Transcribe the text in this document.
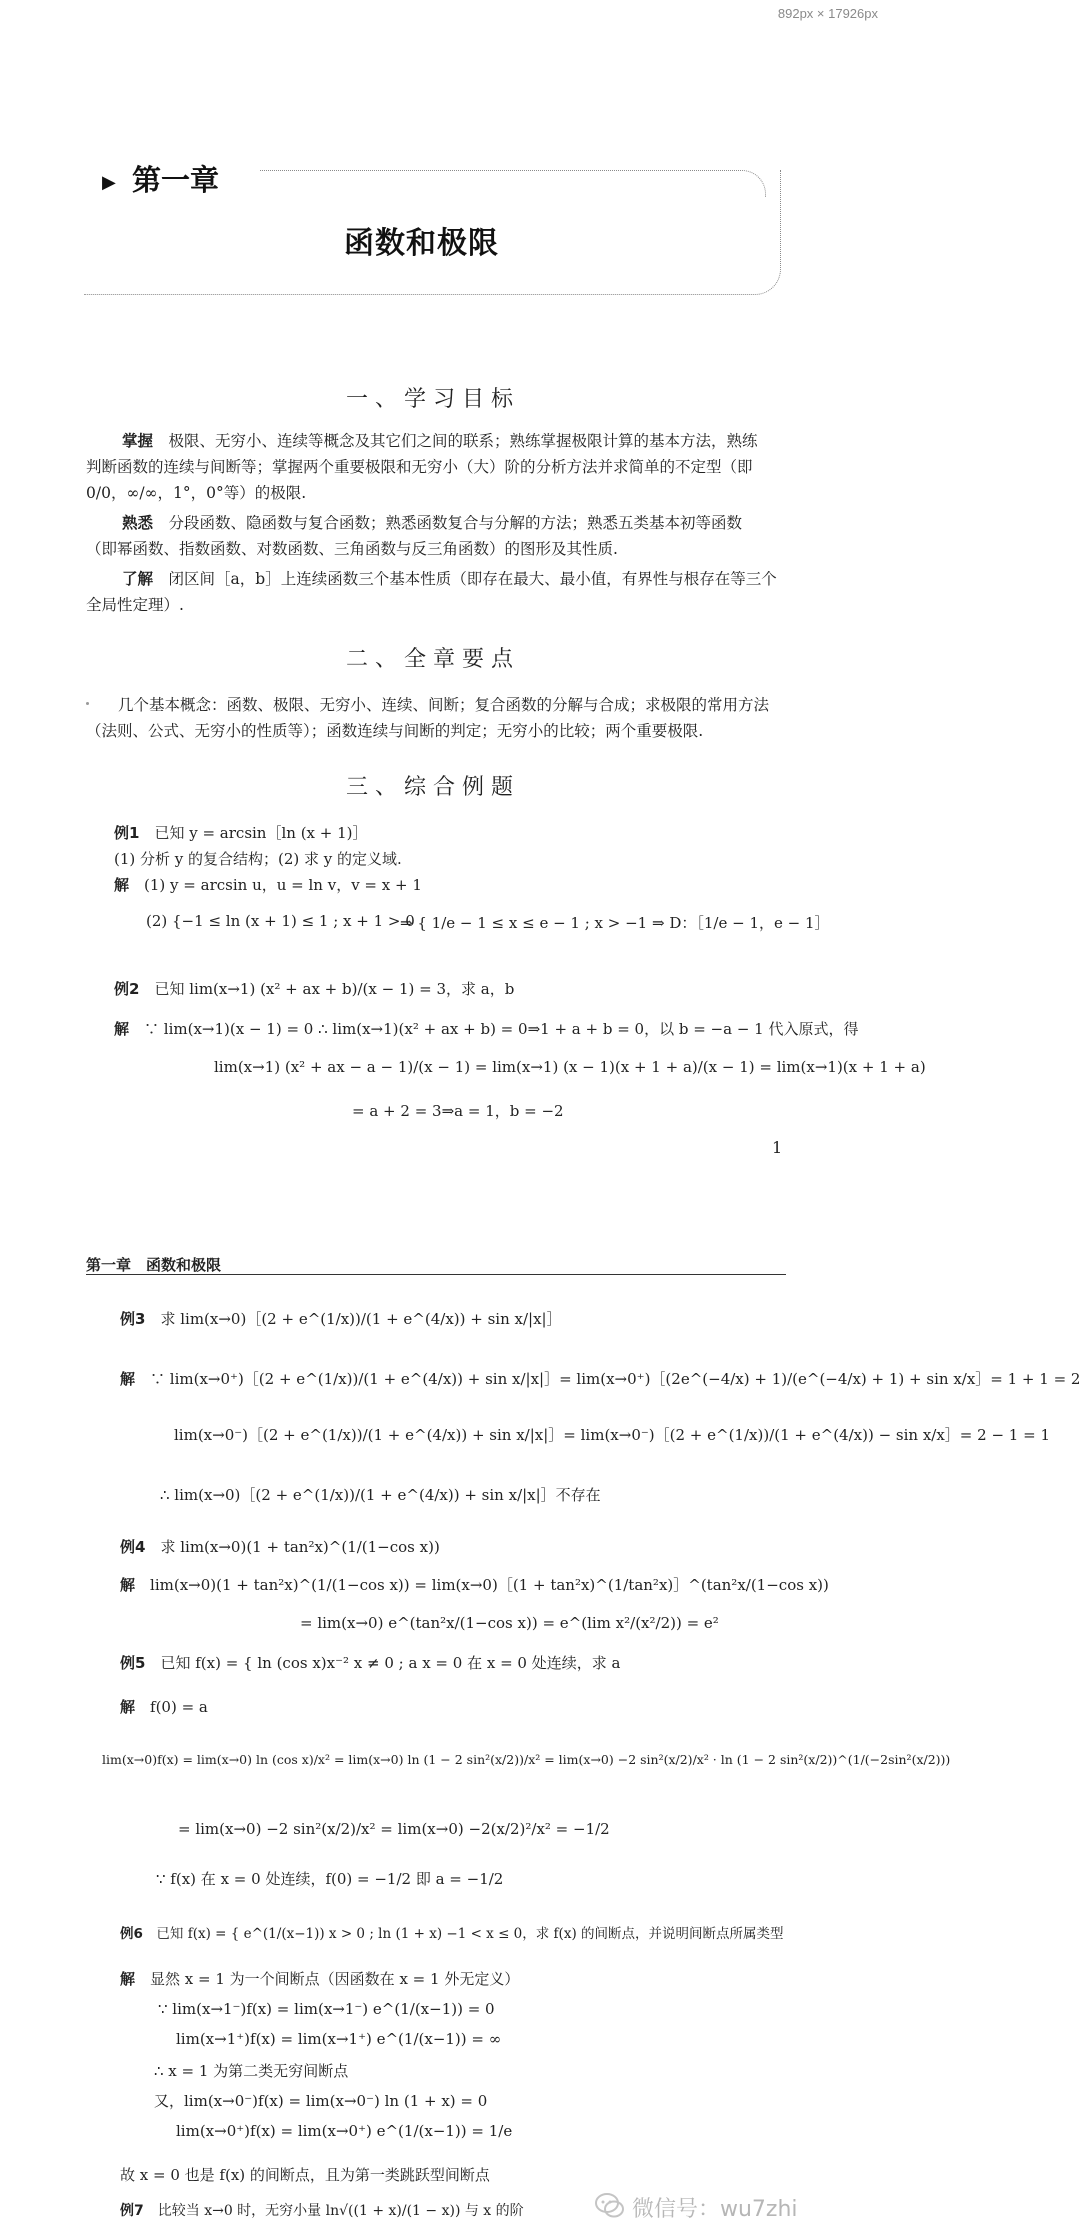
892px × 17926px
▶ 第一章
函数和极限
一、学习目标
掌握　 极限、无穷小、连续等概念及其它们之间的联系；熟练掌握极限计算的基本方法，熟练
判断函数的连续与间断等；掌握两个重要极限和无穷小（大）阶的分析方法并求简单的不定型（即
0/0，∞/∞，1°，0°等）的极限.
熟悉　 分段函数、隐函数与复合函数；熟悉函数复合与分解的方法；熟悉五类基本初等函数
（即幂函数、指数函数、对数函数、三角函数与反三角函数）的图形及其性质.
了解　 闭区间［a，b］上连续函数三个基本性质（即存在最大、最小值，有界性与根存在等三个
全局性定理）.
二、全章要点
几个基本概念：函数、极限、无穷小、连续、间断；复合函数的分解与合成；求极限的常用方法
（法则、公式、无穷小的性质等）；函数连续与间断的判定；无穷小的比较；两个重要极限.
三、综合例题
例1　 已知 y = arcsin［ln (x + 1)］
(1) 分析 y 的复合结构；(2) 求 y 的定义域.
解　 (1) y = arcsin u，u = ln v，v = x + 1
(2) {−1 ≤ ln (x + 1) ≤ 1 ; x + 1 > 0
⇒ { 1/e − 1 ≤ x ≤ e − 1 ; x > −1 ⇒ D：［1/e − 1，e − 1］
例2　 已知 lim(x→1) (x² + ax + b)/(x − 1) = 3，求 a，b
解　 ∵ lim(x→1)(x − 1) = 0 ∴ lim(x→1)(x² + ax + b) = 0⇒1 + a + b = 0，以 b = −a − 1 代入原式，得
lim(x→1) (x² + ax − a − 1)/(x − 1) = lim(x→1) (x − 1)(x + 1 + a)/(x − 1) = lim(x→1)(x + 1 + a)
= a + 2 = 3⇒a = 1，b = −2
1
第一章　函数和极限
例3　 求 lim(x→0)［(2 + e^(1/x))/(1 + e^(4/x)) + sin x/|x|］
解　 ∵ lim(x→0⁺)［(2 + e^(1/x))/(1 + e^(4/x)) + sin x/|x|］= lim(x→0⁺)［(2e^(−4/x) + 1)/(e^(−4/x) + 1) + sin x/x］= 1 + 1 = 2
lim(x→0⁻)［(2 + e^(1/x))/(1 + e^(4/x)) + sin x/|x|］= lim(x→0⁻)［(2 + e^(1/x))/(1 + e^(4/x)) − sin x/x］= 2 − 1 = 1
∴ lim(x→0)［(2 + e^(1/x))/(1 + e^(4/x)) + sin x/|x|］不存在
例4　 求 lim(x→0)(1 + tan²x)^(1/(1−cos x))
解　 lim(x→0)(1 + tan²x)^(1/(1−cos x)) = lim(x→0)［(1 + tan²x)^(1/tan²x)］^(tan²x/(1−cos x))
= lim(x→0) e^(tan²x/(1−cos x)) = e^(lim x²/(x²/2)) = e²
例5　 已知 f(x) = { ln (cos x)x⁻² x ≠ 0 ; a x = 0 在 x = 0 处连续，求 a
解　 f(0) = a
lim(x→0)f(x) = lim(x→0) ln (cos x)/x² = lim(x→0) ln (1 − 2 sin²(x/2))/x² = lim(x→0) −2 sin²(x/2)/x² · ln (1 − 2 sin²(x/2))^(1/(−2sin²(x/2)))
= lim(x→0) −2 sin²(x/2)/x² = lim(x→0) −2(x/2)²/x² = −1/2
∵ f(x) 在 x = 0 处连续，f(0) = −1/2 即 a = −1/2
例6　 已知 f(x) = { e^(1/(x−1)) x > 0 ; ln (1 + x) −1 < x ≤ 0，求 f(x) 的间断点，并说明间断点所属类型
解　 显然 x = 1 为一个间断点（因函数在 x = 1 外无定义）
∵ lim(x→1⁻)f(x) = lim(x→1⁻) e^(1/(x−1)) = 0
lim(x→1⁺)f(x) = lim(x→1⁺) e^(1/(x−1)) = ∞
∴ x = 1 为第二类无穷间断点
又，lim(x→0⁻)f(x) = lim(x→0⁻) ln (1 + x) = 0
lim(x→0⁺)f(x) = lim(x→0⁺) e^(1/(x−1)) = 1/e
故 x = 0 也是 f(x) 的间断点，且为第一类跳跃型间断点
例7　 比较当 x→0 时，无穷小量 ln√((1 + x)/(1 − x)) 与 x 的阶	微信号：wu7zhi
